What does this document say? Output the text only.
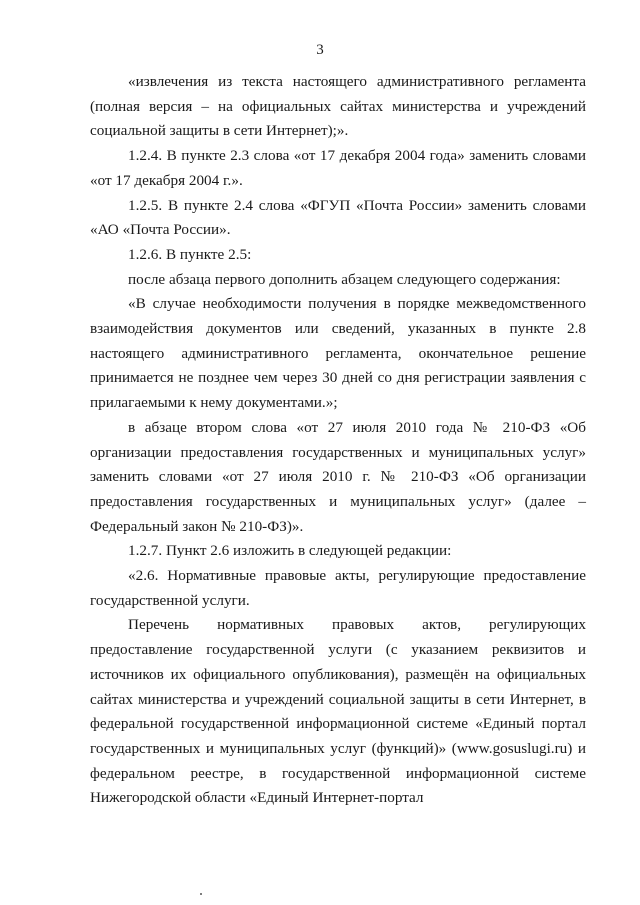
3

«извлечения из текста настоящего административного регламента (полная версия – на официальных сайтах министерства и учреждений социальной защиты в сети Интернет);».

1.2.4. В пункте 2.3 слова «от 17 декабря 2004 года» заменить словами «от 17 декабря 2004 г.».

1.2.5. В пункте 2.4 слова «ФГУП «Почта России» заменить словами «АО «Почта России».

1.2.6. В пункте 2.5:

после абзаца первого дополнить абзацем следующего содержания:

«В случае необходимости получения в порядке межведомственного взаимодействия документов или сведений, указанных в пункте 2.8 настоящего административного регламента, окончательное решение принимается не позднее чем через 30 дней со дня регистрации заявления с прилагаемыми к нему документами.»;

в абзаце втором слова «от 27 июля 2010 года № 210-ФЗ «Об организации предоставления государственных и муниципальных услуг» заменить словами «от 27 июля 2010 г. № 210-ФЗ «Об организации предоставления государственных и муниципальных услуг» (далее – Федеральный закон № 210-ФЗ)».

1.2.7. Пункт 2.6 изложить в следующей редакции:

«2.6. Нормативные правовые акты, регулирующие предоставление государственной услуги.

Перечень нормативных правовых актов, регулирующих предоставление государственной услуги (с указанием реквизитов и источников их официального опубликования), размещён на официальных сайтах министерства и учреждений социальной защиты в сети Интернет, в федеральной государственной информационной системе «Единый портал государственных и муниципальных услуг (функций)» (www.gosuslugi.ru) и федеральном реестре, в государственной информационной системе Нижегородской области «Единый Интернет-портал
